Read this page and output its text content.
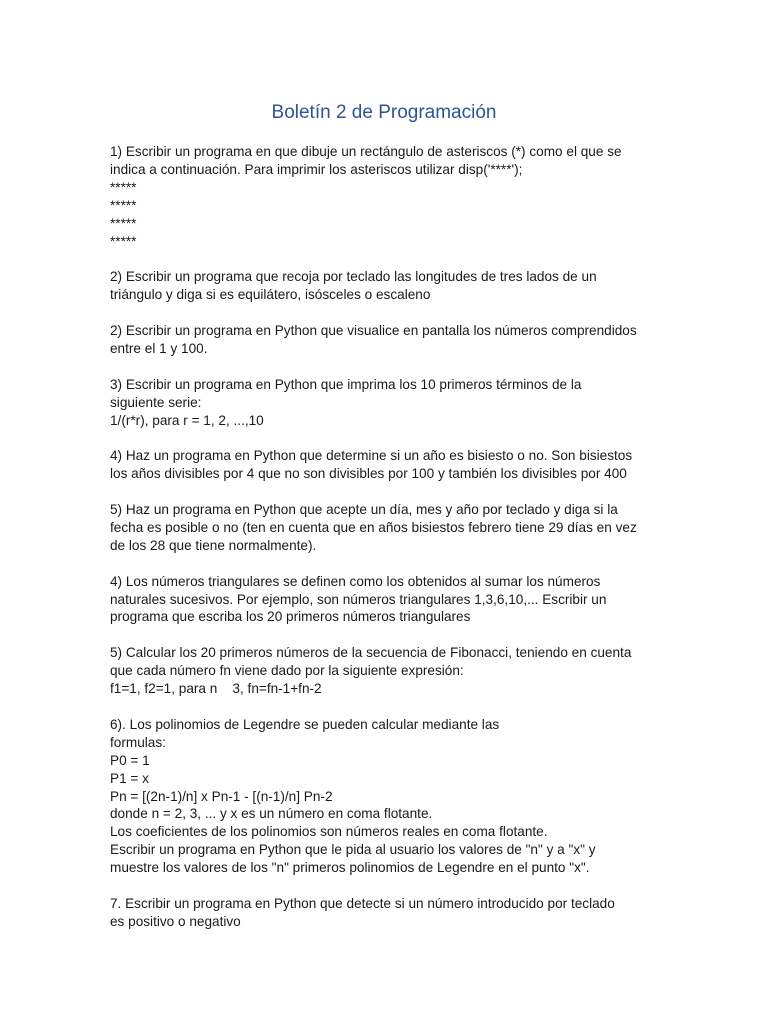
Boletín 2 de Programación

1) Escribir un programa en que dibuje un rectángulo de asteriscos (*) como el que se
indica a continuación. Para imprimir los asteriscos utilizar disp('****');
*****
*****
*****
*****

2) Escribir un programa que recoja por teclado las longitudes de tres lados de un
triángulo y diga si es equilátero, isósceles o escaleno

2) Escribir un programa en Python que visualice en pantalla los números comprendidos
entre el 1 y 100.

3) Escribir un programa en Python que imprima los 10 primeros términos de la
siguiente serie:
1/(r*r), para r = 1, 2, ...,10

4) Haz un programa en Python que determine si un año es bisiesto o no. Son bisiestos
los años divisibles por 4 que no son divisibles por 100 y también los divisibles por 400

5) Haz un programa en Python que acepte un día, mes y año por teclado y diga si la
fecha es posible o no (ten en cuenta que en años bisiestos febrero tiene 29 días en vez
de los 28 que tiene normalmente).

4) Los números triangulares se definen como los obtenidos al sumar los números
naturales sucesivos. Por ejemplo, son números triangulares 1,3,6,10,... Escribir un
programa que escriba los 20 primeros números triangulares

5) Calcular los 20 primeros números de la secuencia de Fibonacci, teniendo en cuenta
que cada número fn viene dado por la siguiente expresión:
f1=1, f2=1, para n    3, fn=fn-1+fn-2

6). Los polinomios de Legendre se pueden calcular mediante las
formulas:
P0 = 1
P1 = x
Pn = [(2n-1)/n] x Pn-1 - [(n-1)/n] Pn-2
donde n = 2, 3, ... y x es un número en coma flotante.
Los coeficientes de los polinomios son números reales en coma flotante.
Escribir un programa en Python que le pida al usuario los valores de "n" y a "x" y
muestre los valores de los "n" primeros polinomios de Legendre en el punto "x".

7. Escribir un programa en Python que detecte si un número introducido por teclado
es positivo o negativo
